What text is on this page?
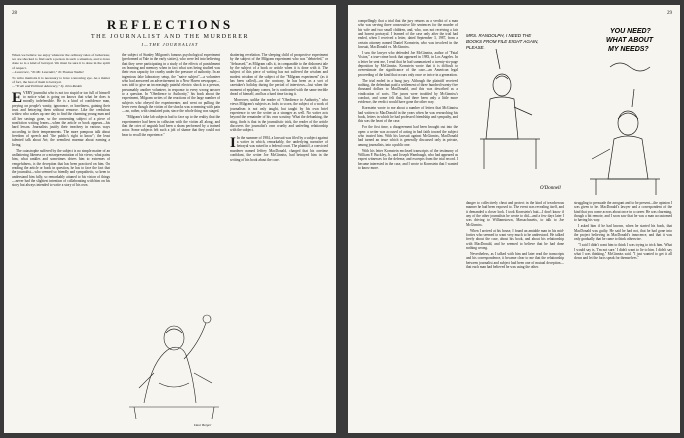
28
REFLECTIONS
THE JOURNALIST AND THE MURDERER
I—THE JOURNALIST
When we believe we enjoy whatever the ordinary rules of behaviour, we are shocked to find such a person in such a situation, and to have done so is a kind of betrayal. We must be sure it is done in the spirit of respect.
—Lawrence, "To Mr. Lavender," To Thomas Walker
To write memoirs it is necessary to have a knowing eye. As a matter of fact, the best of them is betrayal.
—"Truth and Political Advocacy," by John Ruskin

EVERY journalist who is not too stupid or too full of himself to notice what is going on knows that what he does is morally indefensible. He is a kind of confidence man, preying on people's vanity, ignorance, or loneliness, gaining their trust and betraying them without remorse. Like the credulous widow who wakes up one day to find the charming young man and all her savings gone, so the consenting subject of a piece of nonfiction writing learns—when the article or book appears—his hard lesson. Journalists justify their treachery in various ways according to their temperaments. The more pompous talk about freedom of speech and "the public's right to know"; the least talented talk about Art; the seemliest murmur about earning a living.

The catastrophe suffered by the subject is no simple matter of an unflattering likeness or a misrepresentation of his views; what pains him, what rankles and sometimes drives him to extremes of vengefulness, is the deception that has been practiced on him. On reading the article or book in question, he has to face the fact that the journalist—who seemed so friendly and sympathetic, so keen to understand him fully, so remarkably attuned to his vision of things—never had the slightest intention of collaborating with him on his story but always intended to write a story of his own.

the subject of Stanley Milgram's famous psychological experiment (performed at Yale in the early sixties), who were led into believing that they were participating in a study of the effects of punishment on learning and memory when in fact what was being studied was their own capacity for cruelty under the pressure of authority. In an ingenious fake laboratory setup, the "naive subject"—a volunteer who had answered an advertisement in a New Haven newspaper—was told to give an increasingly painful electric shock to a person, presumably another volunteer, in response to every wrong answer to a question. In "Obedience to Authority," his book about the experiment, Milgram writes of the reactions of the large number of subjects who obeyed the experimenter, and went on pulling the lever even though the victim of the shocks was screaming with pain—no, rather, with simulated pain, since the whole thing was staged.

"Milgram's fake lab subjects had to face up to the reality that the experimenter had been in collusion with the victim all along, and that the cries of anguish had been a sham performed by a trained actor. Some subjects felt such a jolt of shame that they could not bear to recall the experience."

Dave Berger

shattering revelation. The sleeping child of prospective experiment by the subject of the Milgram experiment who was "debriefed," or "dehoaxed," as Milgram calls it, in comparable to the dishonest tale by the subject of a book or article when it is done with it. The subject of this piece of writing has not suffered the wisdom and modest wisdom of the subject of the "Milgram experiment" (as it has been called)—on the contrary, he has been as a sort of caretaker's holiday during the period of interviews—but when the moment of epiphany comes, he is confronted with the same terrible dread of himself, and has a hard time facing it.

Moreover, unlike the reader of "Obedience to Authority," who views Milgram's subjects as fools to scorn, the subject of a work of journalism is not only taught, but taught by his own brief experience to see the writer as a stranger as well. No writer acts beyond the remainder of his own scrutiny. What the debunking, the sting, finds is that in the journalistic trick, the reader of the article discovers the journalist's own cruelty and unfeeling relationship with the subject.

I In the summer of 1984, a lawsuit was filed by a subject against a writer in which, remarkably, the underlying narrative of betrayal was raised in a federal court. The plaintiff, a convicted murderer named Jeffrey MacDonald, charged that his onetime confidant, the writer Joe McGinniss, had betrayed him in the writing of his book about the case.

29

compellingly that a trial that the jury returns as a verdict of a man who was serving three consecutive life sentences for the murder of his wife and two small children, and, who, was not receiving a fair and honest portrayal. I learned of the case only after the trial had ended, when I received a letter, dated September 3, 1987, from a certain attorney named Daniel Kornstein, who was involved in the lawsuit, MacDonald vs. McGinniss.

I saw the lawyer who defended Joe McGinniss, author of "Fatal Vision," a true-crime book that appeared in 1983, in Los Angeles. In a letter he sent me, I read that he had summarized a twenty-six-page deposition by McGinniss. Kornstein wrote that it is difficult to overestimate the significance of the case—an American legal proceeding of the kind that occurs only once or twice in a generation.

The trial ended in a hung jury. Although the plaintiff received nothing, the defendant paid a settlement of three hundred twenty-five thousand dollars to MacDonald, and this was described as a vindication of sorts. The jurors were troubled by McGinniss's conduct, and some felt that, had there been only a little more evidence, the verdict would have gone the other way.

Kornstein wrote to me about a number of letters that McGinniss had written to MacDonald in the years when he was researching his book, letters in which he had professed friendship and sympathy, and this was the heart of the case.

For the first time, a disagreement had been brought out into the open: a writer was accused of acting in bad faith toward the subject who trusted him. With his lawsuit against McGinniss, MacDonald had turned an issue which is generally discussed only in private, among journalists, into a public one.

With his letter Kornstein enclosed transcripts of the testimony of William F. Buckley, Jr., and Joseph Wambaugh, who had appeared as expert witnesses for the defense, and excerpts from the trial record. I became interested in the case, and I wrote to Kornstein that I wanted to know more.

MRS. RANDOLPH, I NEED THE
BOOKS FROM FILE EIGHT AGAIN,
PLEASE.
YOU NEED?
WHAT ABOUT
MY NEEDS?
O'Donnell

danger to collectively cheat and protect in the kind of treacherous manner he had been exposed to. The event was revealing itself, and it demanded a closer look. I took Kornstein's bait—I don't know if any of the other journalists he wrote to did—and a few days later I was driving to Williamstown, Massachusetts, to talk to Joe McGinniss.

When I arrived at his house, I found an amiable man in his mid-forties who seemed to want very much to be understood. He talked freely about the case, about his book, and about his relationship with MacDonald, and he seemed to believe that he had done nothing wrong.

Nevertheless, as I talked with him and later read the transcripts and his correspondence, it became clear to me that the relationship between journalist and subject had been one of mutual deception—that each man had believed he was using the other.

struggling to persuade the arrogant and to be present—the opinion I was given to be. MacDonald's lawyer and a correspondent of the kind that you come across about once in a career. He was charming, though a bit remote, and I soon saw that he was a man accustomed to having his way.

I asked him if he had known, when he started his book, that MacDonald was guilty. He said he had not, that he had gone into the project believing in MacDonald's innocence, and that it was only gradually that he came to think otherwise.

"I said I didn't want him to think I was trying to trick him. What I would say is, 'I'm not sure.' I didn't want to lie to him. I didn't say what I was thinking," McGinniss said. "I just wanted to get it all down and let the facts speak for themselves."
